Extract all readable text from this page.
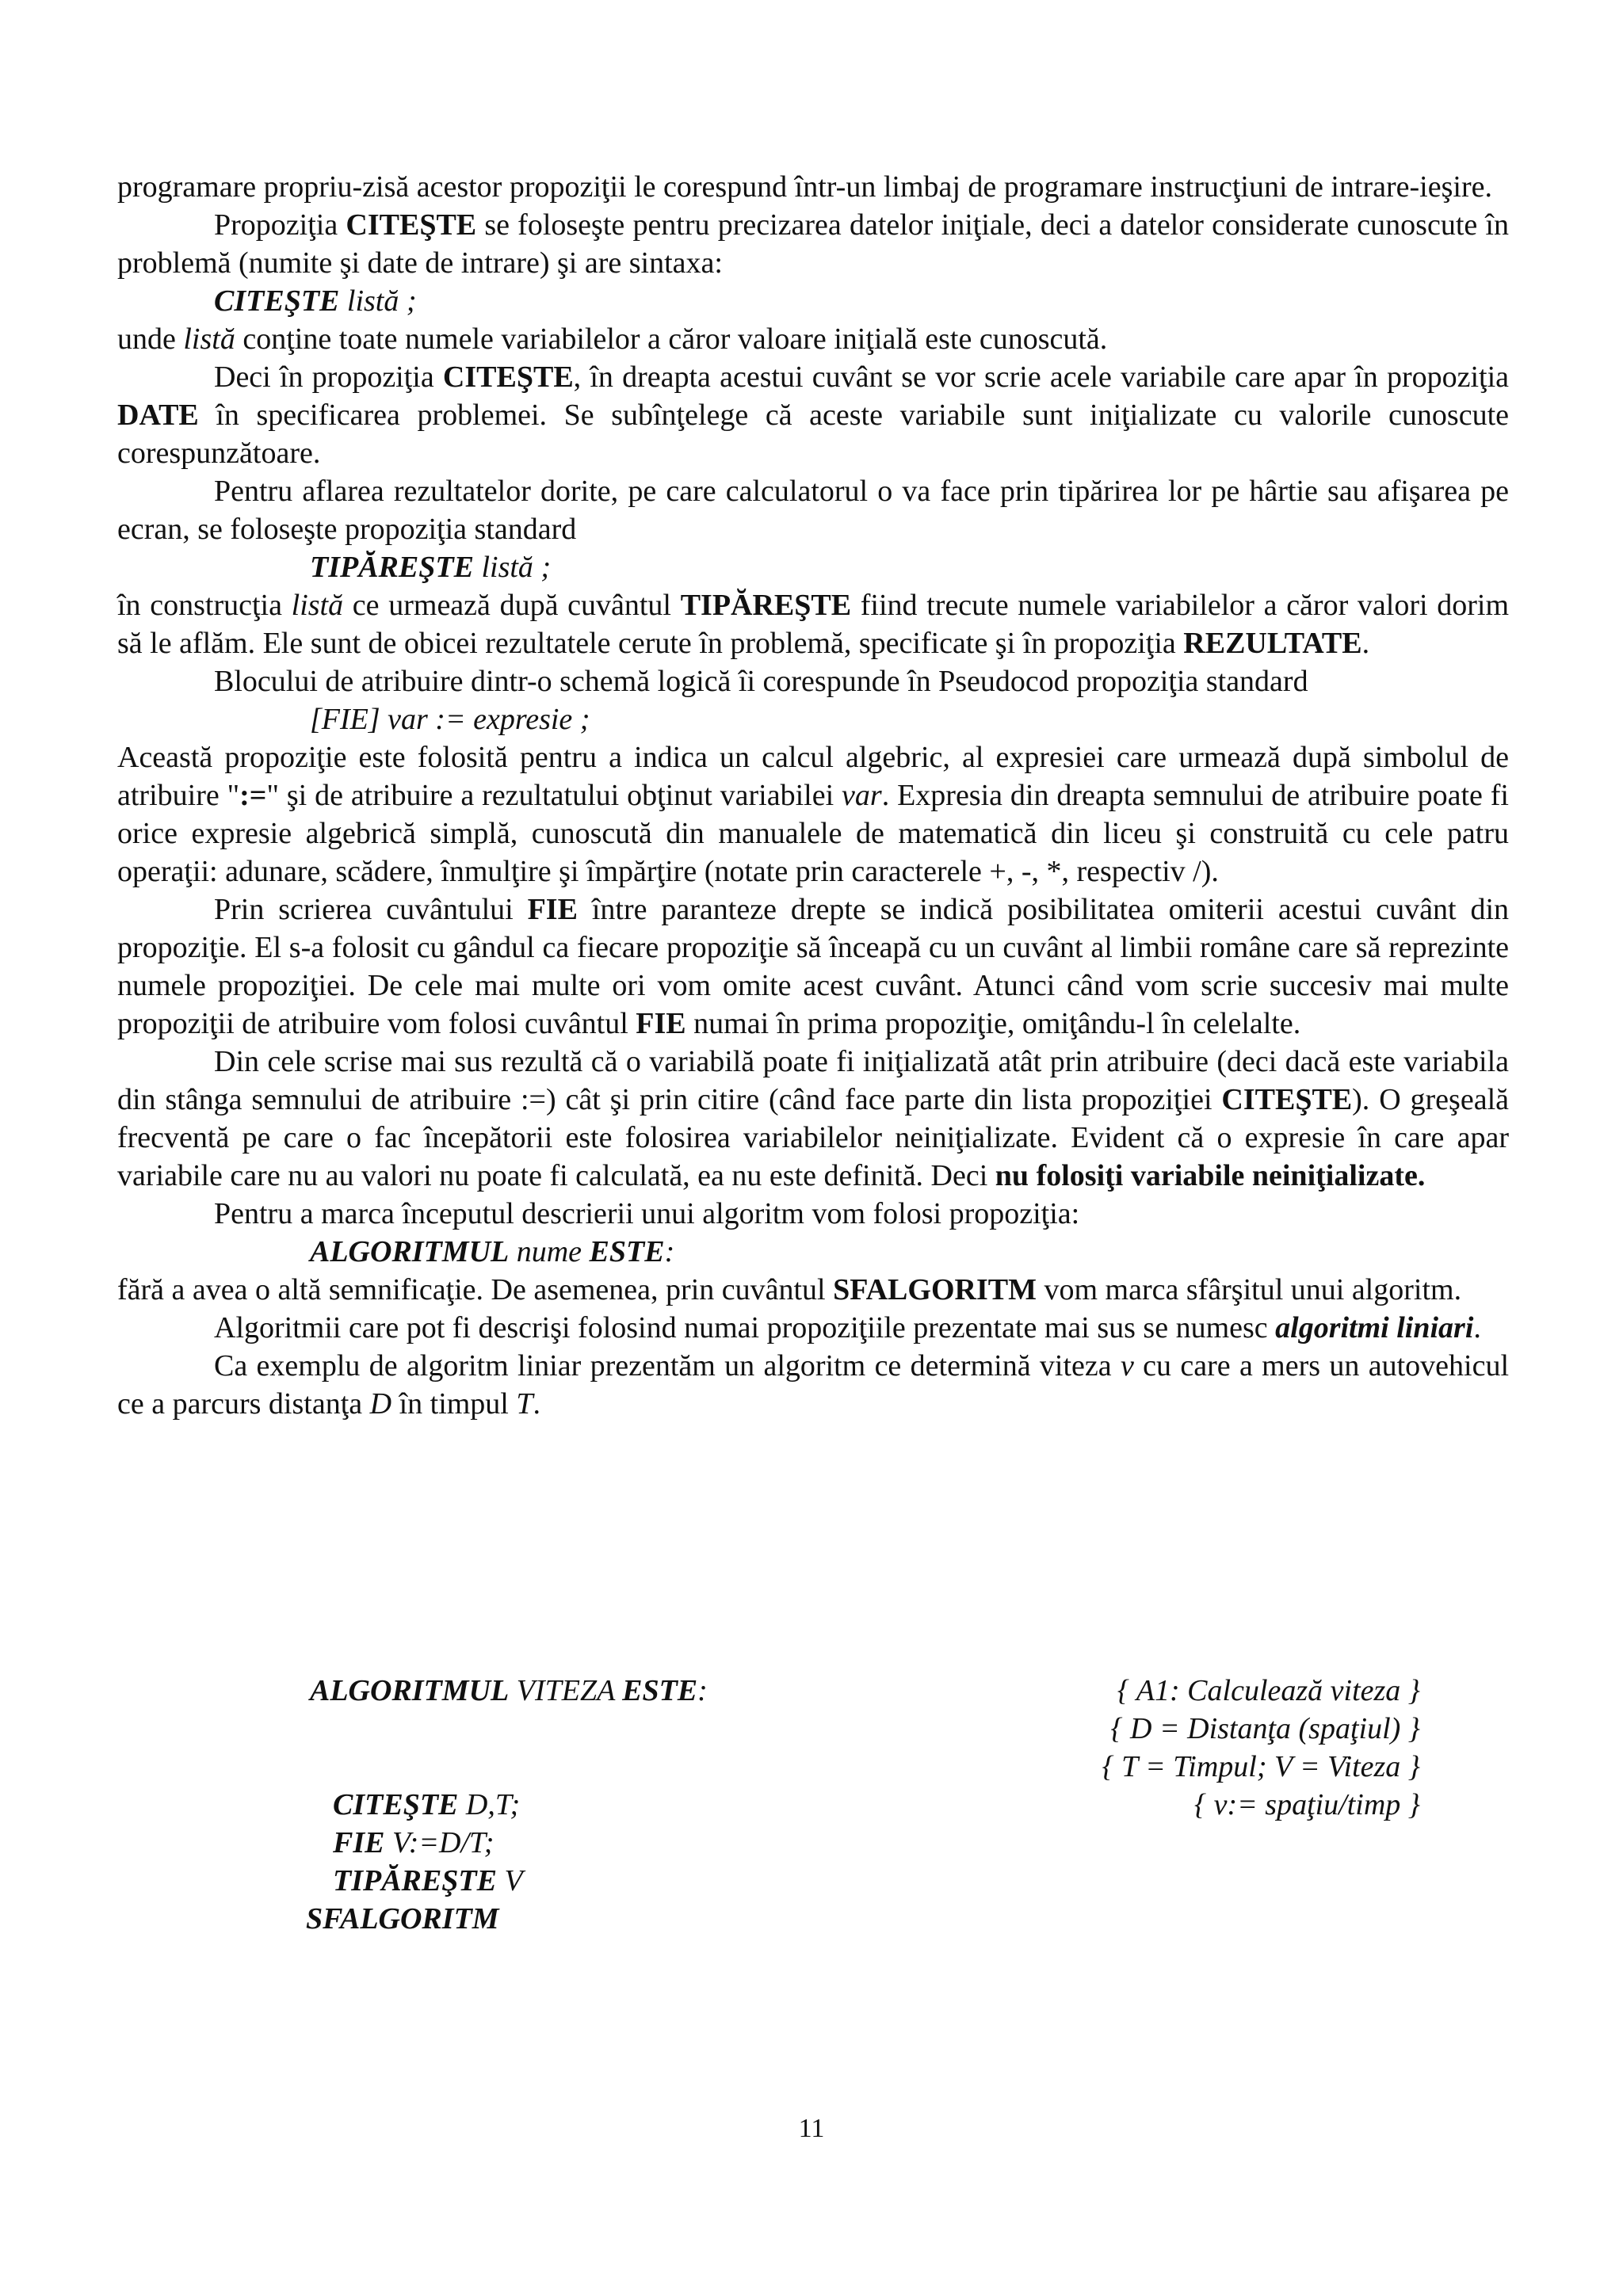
programare propriu-zisă acestor propoziţii le corespund într-un limbaj de programare instrucţiuni de intrare-ieşire.

Propoziţia CITEŞTE se foloseşte pentru precizarea datelor iniţiale, deci a datelor considerate cunoscute în problemă (numite şi date de intrare) şi are sintaxa:

CITEŞTE listă ;

unde listă conţine toate numele variabilelor a căror valoare iniţială este cunoscută.

Deci în propoziţia CITEŞTE, în dreapta acestui cuvânt se vor scrie acele variabile care apar în propoziţia DATE în specificarea problemei. Se subînţelege că aceste variabile sunt iniţializate cu valorile cunoscute corespunzătoare.

Pentru aflarea rezultatelor dorite, pe care calculatorul o va face prin tipărirea lor pe hârtie sau afişarea pe ecran, se foloseşte propoziţia standard

TIPĂREŞTE listă ;

în construcţia listă ce urmează după cuvântul TIPĂREŞTE fiind trecute numele variabilelor a căror valori dorim să le aflăm. Ele sunt de obicei rezultatele cerute în problemă, specificate şi în propoziţia REZULTATE.

Blocului de atribuire dintr-o schemă logică îi corespunde în Pseudocod propoziţia standard

[FIE] var := expresie ;

Această propoziţie este folosită pentru a indica un calcul algebric, al expresiei care urmează după simbolul de atribuire ":=" şi de atribuire a rezultatului obţinut variabilei var. Expresia din dreapta semnului de atribuire poate fi orice expresie algebrică simplă, cunoscută din manualele de matematică din liceu şi construită cu cele patru operaţii: adunare, scădere, înmulţire şi împărţire (notate prin caracterele +, -, *, respectiv /).

Prin scrierea cuvântului FIE între paranteze drepte se indică posibilitatea omiterii acestui cuvânt din propoziţie. El s-a folosit cu gândul ca fiecare propoziţie să înceapă cu un cuvânt al limbii române care să reprezinte numele propoziţiei. De cele mai multe ori vom omite acest cuvânt. Atunci când vom scrie succesiv mai multe propoziţii de atribuire vom folosi cuvântul FIE numai în prima propoziţie, omiţându-l în celelalte.

Din cele scrise mai sus rezultă că o variabilă poate fi iniţializată atât prin atribuire (deci dacă este variabila din stânga semnului de atribuire :=) cât şi prin citire (când face parte din lista propoziţiei CITEŞTE). O greşeală frecventă pe care o fac începătorii este folosirea variabilelor neiniţializate. Evident că o expresie în care apar variabile care nu au valori nu poate fi calculată, ea nu este definită. Deci nu folosiţi variabile neiniţializate.

Pentru a marca începutul descrierii unui algoritm vom folosi propoziţia:

ALGORITMUL nume ESTE:

fără a avea o altă semnificaţie. De asemenea, prin cuvântul SFALGORITM vom marca sfârşitul unui algoritm.

Algoritmii care pot fi descrişi folosind numai propoziţiile prezentate mai sus se numesc algoritmi liniari.

Ca exemplu de algoritm liniar prezentăm un algoritm ce determină viteza v cu care a mers un autovehicul ce a parcurs distanţa D în timpul T.

ALGORITMUL VITEZA ESTE:
CITEŞTE D,T;
FIE V:=D/T;
TIPĂREŞTE V
SFALGORITM
{ A1: Calculează viteza }
{ D = Distanţa (spaţiul) }
{ T = Timpul; V = Viteza }
{ v:= spaţiu/timp }
11
